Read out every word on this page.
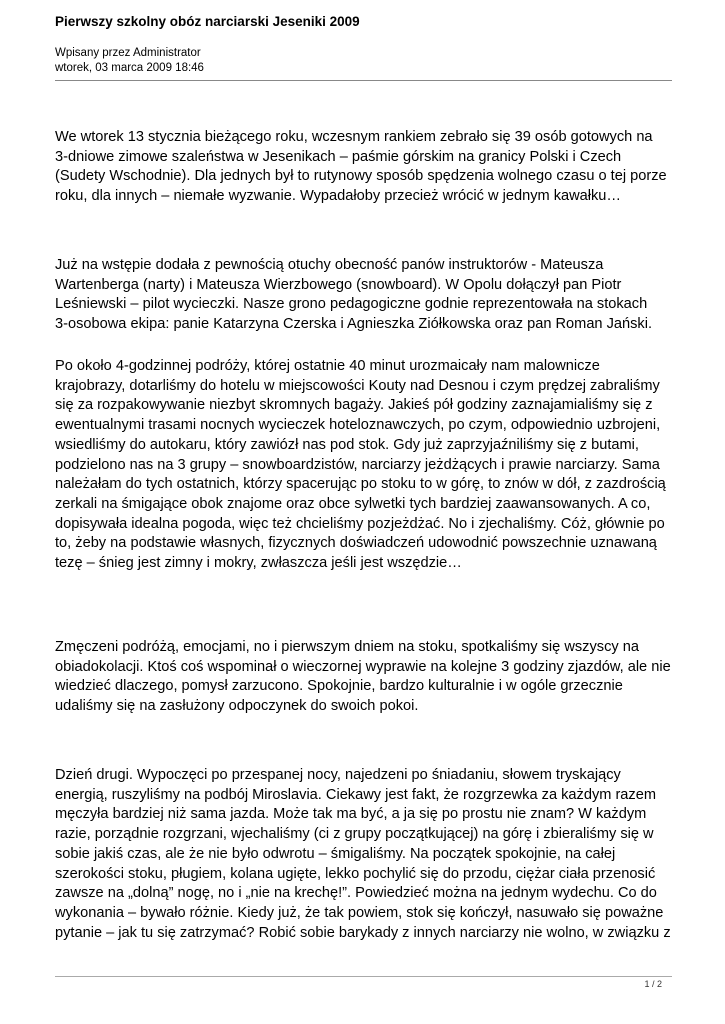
Pierwszy szkolny obóz narciarski Jeseniki 2009
Wpisany przez Administrator
wtorek, 03 marca 2009 18:46
We wtorek 13 stycznia bieżącego roku, wczesnym rankiem zebrało się 39 osób gotowych na
3-dniowe zimowe szaleństwa w Jesenikach – paśmie górskim na granicy Polski i Czech
(Sudety Wschodnie). Dla jednych był to rutynowy sposób spędzenia wolnego czasu o tej porze
roku, dla innych – niemałe wyzwanie. Wypadałoby przecież wrócić w jednym kawałku…
Już na wstępie dodała z pewnością otuchy obecność panów instruktorów - Mateusza
Wartenberga (narty) i Mateusza Wierzbowego (snowboard). W Opolu dołączył pan Piotr
Leśniewski – pilot wycieczki. Nasze grono pedagogiczne godnie reprezentowała na stokach
3-osobowa ekipa: panie Katarzyna Czerska i Agnieszka Ziółkowska oraz pan Roman Jański.
Po około 4-godzinnej podróży, której ostatnie 40 minut urozmaicały nam malownicze
krajobrazy, dotarliśmy do hotelu w miejscowości Kouty nad Desnou i czym prędzej zabraliśmy
się za rozpakowywanie niezbyt skromnych bagaży. Jakieś pół godziny zaznajamialiśmy się z
ewentualnymi trasami nocnych wycieczek hoteloznawczych, po czym, odpowiednio uzbrojeni,
wsiedliśmy do autokaru, który zawiózł nas pod stok. Gdy już zaprzyjaźniliśmy się z butami,
podzielono nas na 3 grupy – snowboardzistów, narciarzy jeżdżących i prawie narciarzy. Sama
należałam do tych ostatnich, którzy spacerując po stoku to w górę, to znów w dół, z zazdrością
zerkali na śmigające obok znajome oraz obce sylwetki tych bardziej zaawansowanych. A co,
dopisywała idealna pogoda, więc też chcieliśmy pozjeżdżać. No i zjechaliśmy. Cóż, głównie po
to, żeby na podstawie własnych, fizycznych doświadczeń udowodnić powszechnie uznawaną
tezę – śnieg jest zimny i mokry, zwłaszcza jeśli jest wszędzie…
Zmęczeni podróżą, emocjami, no i pierwszym dniem na stoku, spotkaliśmy się wszyscy na
obiadokolacji. Ktoś coś wspominał o wieczornej wyprawie na kolejne 3 godziny zjazdów, ale nie
wiedzieć dlaczego, pomysł zarzucono. Spokojnie, bardzo kulturalnie i w ogóle grzecznie
udaliśmy się na zasłużony odpoczynek do swoich pokoi.
Dzień drugi. Wypoczęci po przespanej nocy, najedzeni po śniadaniu, słowem tryskający
energią, ruszyliśmy na podbój Miroslavia. Ciekawy jest fakt, że rozgrzewka za każdym razem
męczyła bardziej niż sama jazda. Może tak ma być, a ja się po prostu nie znam? W każdym
razie, porządnie rozgrzani, wjechaliśmy (ci z grupy początkującej) na górę i zbieraliśmy się w
sobie jakiś czas, ale że nie było odwrotu – śmigaliśmy. Na początek spokojnie, na całej
szerokości stoku, pługiem, kolana ugięte, lekko pochylić się do przodu, ciężar ciała przenosić
zawsze na „dolną” nogę, no i „nie na krechę!”. Powiedzieć można na jednym wydechu. Co do
wykonania – bywało różnie. Kiedy już, że tak powiem, stok się kończył, nasuwało się poważne
pytanie – jak tu się zatrzymać? Robić sobie barykady z innych narciarzy nie wolno, w związku z
1 / 2
